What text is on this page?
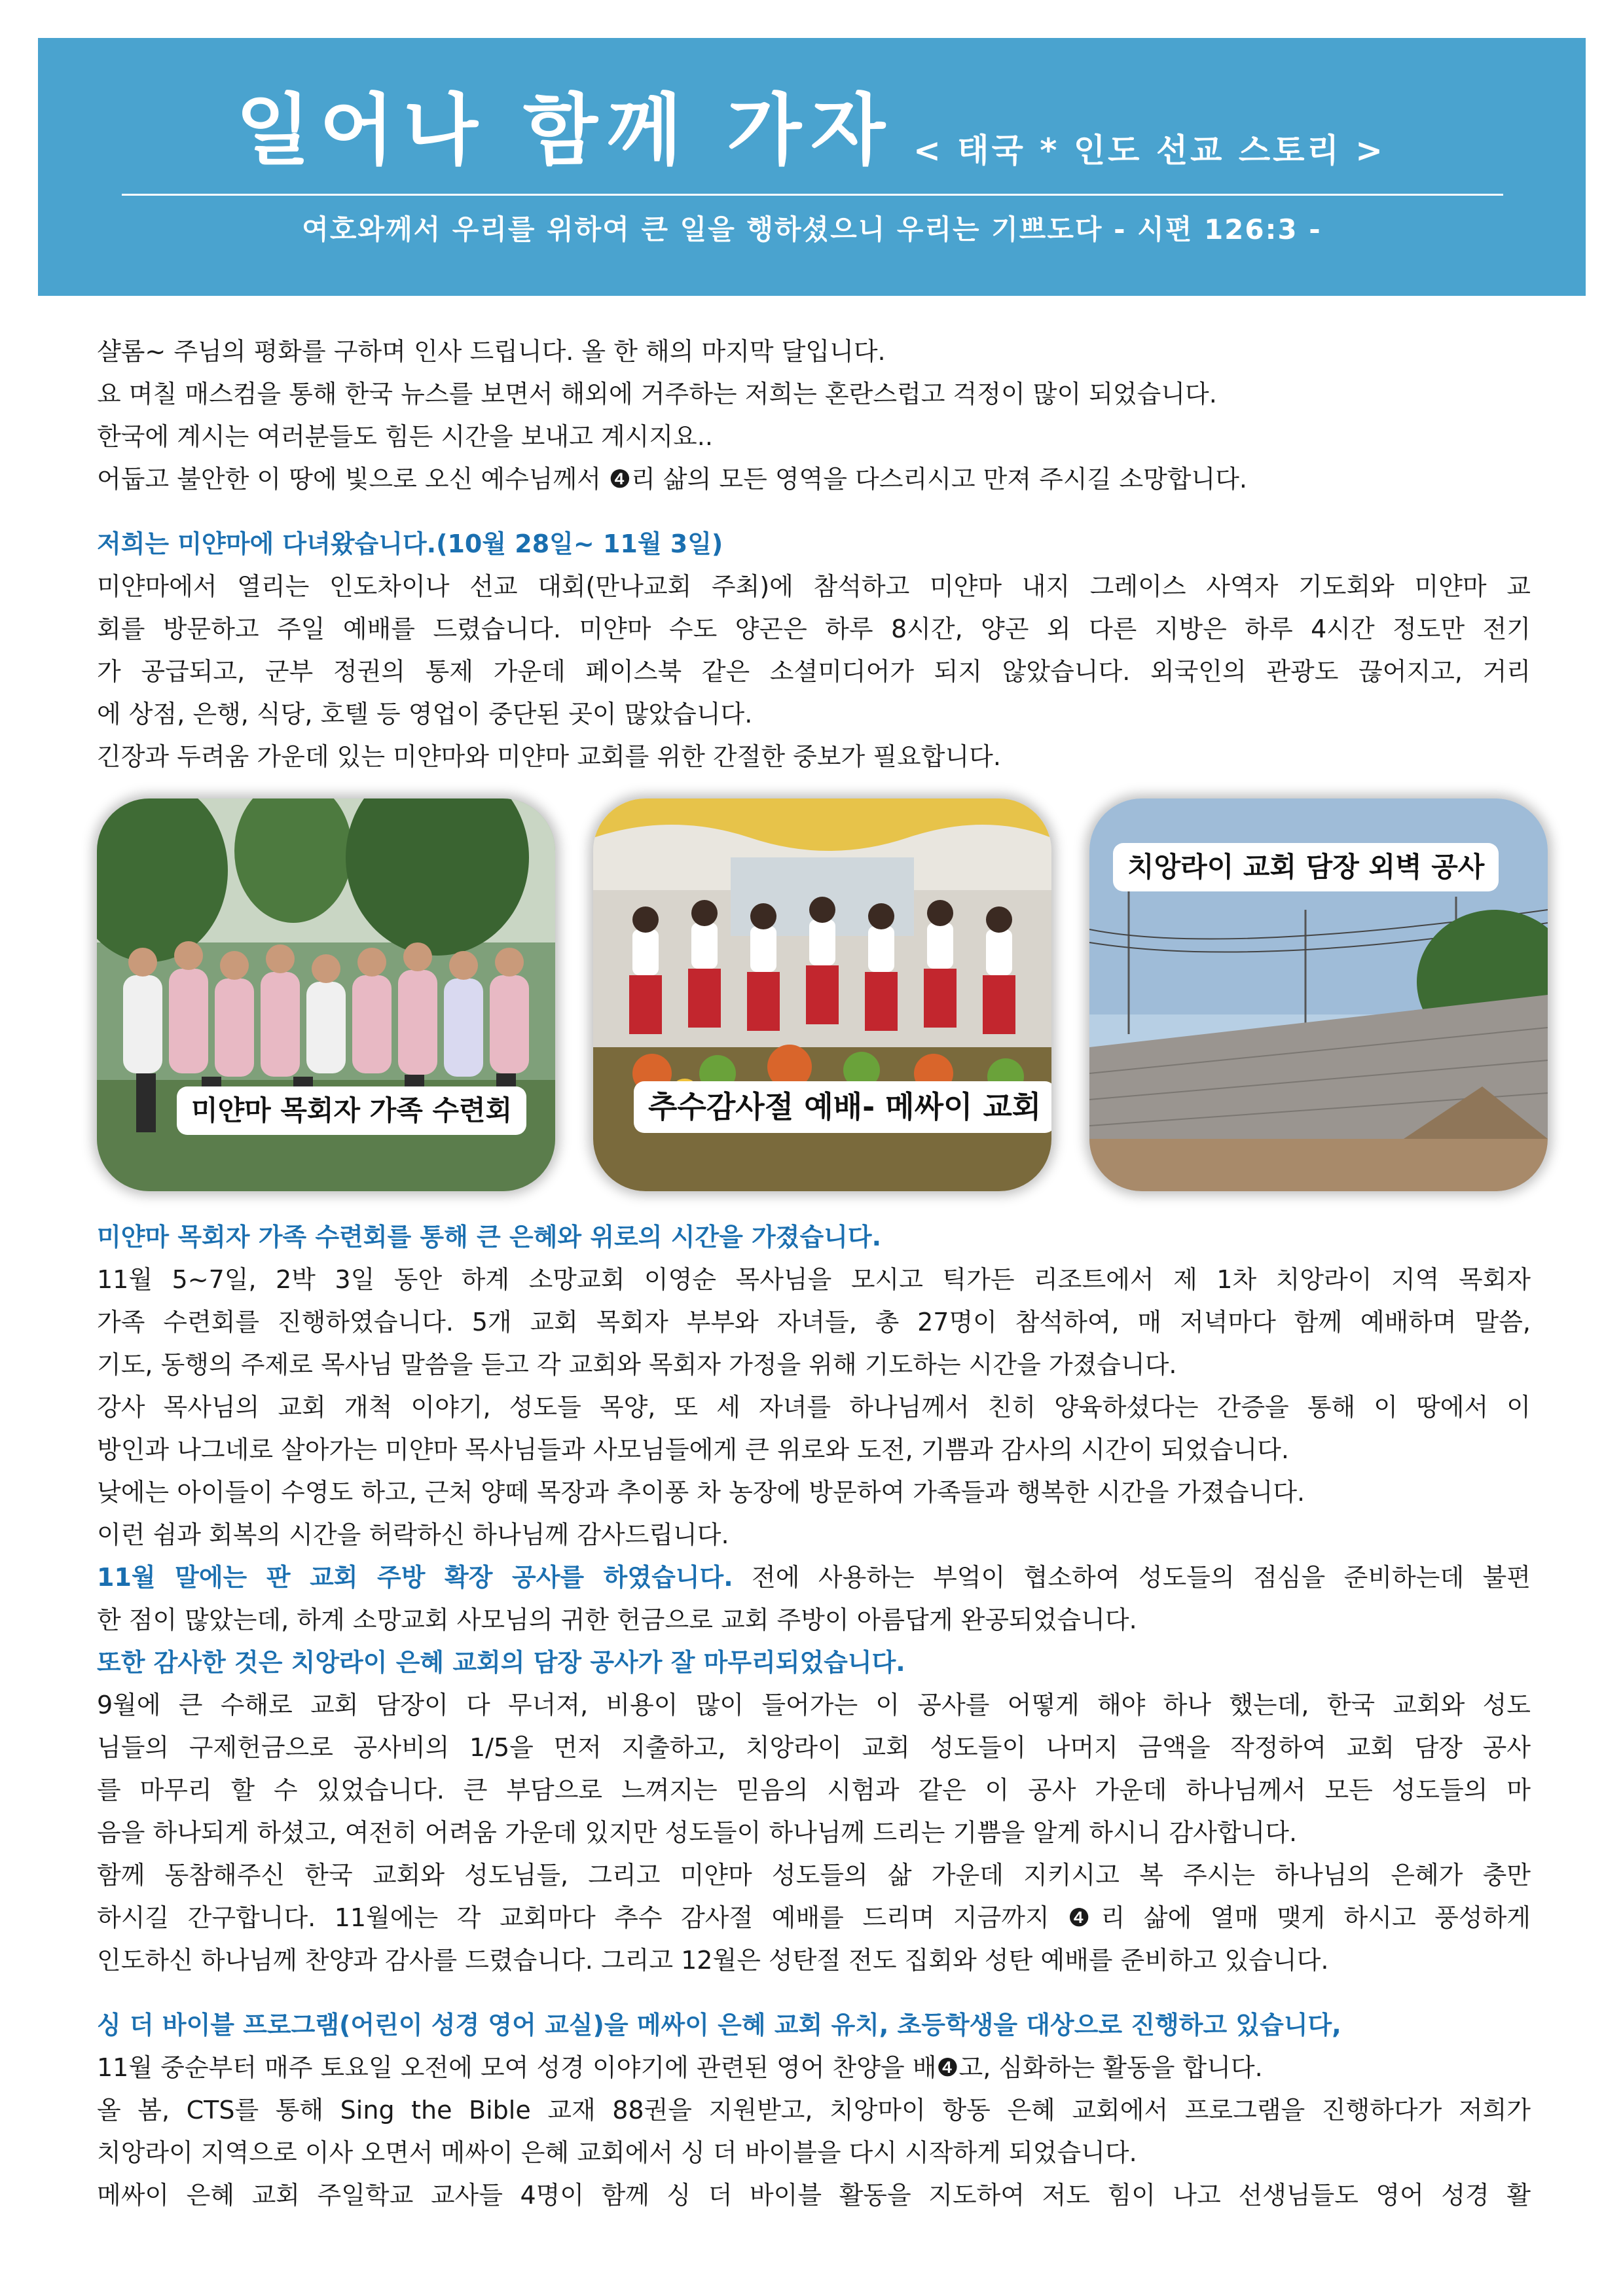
일어나 함께 가자 < 태국 * 인도 선교 스토리 >
여호와께서 우리를 위하여 큰 일을 행하셨으니 우리는 기쁘도다 - 시편 126:3 -
샬롬~ 주님의 평화를 구하며 인사 드립니다. 올 한 해의 마지막 달입니다.
요 며칠 매스컴을 통해 한국 뉴스를 보면서 해외에 거주하는 저희는 혼란스럽고 걱정이 많이 되었습니다.
한국에 계시는 여러분들도 힘든 시간을 보내고 계시지요..
어둡고 불안한 이 땅에 빛으로 오신 예수님께서 ❹리 삶의 모든 영역을 다스리시고 만져 주시길 소망합니다.
저희는 미얀마에 다녀왔습니다.(10월 28일~ 11월 3일)
미얀마에서 열리는 인도차이나 선교 대회(만나교회 주최)에 참석하고 미얀마 내지 그레이스 사역자 기도회와 미얀마 교
회를 방문하고 주일 예배를 드렸습니다. 미얀마 수도 양곤은 하루 8시간, 양곤 외 다른 지방은 하루 4시간 정도만 전기
가 공급되고, 군부 정권의 통제 가운데 페이스북 같은 소셜미디어가 되지 않았습니다. 외국인의 관광도 끊어지고, 거리
에 상점, 은행, 식당, 호텔 등 영업이 중단된 곳이 많았습니다.
긴장과 두려움 가운데 있는 미얀마와 미얀마 교회를 위한 간절한 중보가 필요합니다.
미얀마 목회자 가족 수련회	추수감사절 예배- 메싸이 교회
치앙라이 교회 담장 외벽 공사
미얀마 목회자 가족 수련회를 통해 큰 은혜와 위로의 시간을 가졌습니다.
11월 5~7일, 2박 3일 동안 하계 소망교회 이영순 목사님을 모시고 틱가든 리조트에서 제 1차 치앙라이 지역 목회자
가족 수련회를 진행하였습니다. 5개 교회 목회자 부부와 자녀들, 총 27명이 참석하여, 매 저녁마다 함께 예배하며 말씀,
기도, 동행의 주제로 목사님 말씀을 듣고 각 교회와 목회자 가정을 위해 기도하는 시간을 가졌습니다.
강사 목사님의 교회 개척 이야기, 성도들 목양, 또 세 자녀를 하나님께서 친히 양육하셨다는 간증을 통해 이 땅에서 이
방인과 나그네로 살아가는 미얀마 목사님들과 사모님들에게 큰 위로와 도전, 기쁨과 감사의 시간이 되었습니다.
낮에는 아이들이 수영도 하고, 근처 양떼 목장과 추이퐁 차 농장에 방문하여 가족들과 행복한 시간을 가졌습니다.
이런 쉼과 회복의 시간을 허락하신 하나님께 감사드립니다.
11월 말에는 판 교회 주방 확장 공사를 하였습니다. 전에 사용하는 부엌이 협소하여 성도들의 점심을 준비하는데 불편
한 점이 많았는데, 하계 소망교회 사모님의 귀한 헌금으로 교회 주방이 아름답게 완공되었습니다.
또한 감사한 것은 치앙라이 은혜 교회의 담장 공사가 잘 마무리되었습니다.
9월에 큰 수해로 교회 담장이 다 무너져, 비용이 많이 들어가는 이 공사를 어떻게 해야 하나 했는데, 한국 교회와 성도
님들의 구제헌금으로 공사비의 1/5을 먼저 지출하고, 치앙라이 교회 성도들이 나머지 금액을 작정하여 교회 담장 공사
를 마무리 할 수 있었습니다. 큰 부담으로 느껴지는 믿음의 시험과 같은 이 공사 가운데 하나님께서 모든 성도들의 마
음을 하나되게 하셨고, 여전히 어려움 가운데 있지만 성도들이 하나님께 드리는 기쁨을 알게 하시니 감사합니다.
함께 동참해주신 한국 교회와 성도님들, 그리고 미얀마 성도들의 삶 가운데 지키시고 복 주시는 하나님의 은혜가 충만
하시길 간구합니다. 11월에는 각 교회마다 추수 감사절 예배를 드리며 지금까지 ❹리 삶에 열매 맺게 하시고 풍성하게
인도하신 하나님께 찬양과 감사를 드렸습니다. 그리고 12월은 성탄절 전도 집회와 성탄 예배를 준비하고 있습니다.
싱 더 바이블 프로그램(어린이 성경 영어 교실)을 메싸이 은혜 교회 유치, 초등학생을 대상으로 진행하고 있습니다,
11월 중순부터 매주 토요일 오전에 모여 성경 이야기에 관련된 영어 찬양을 배❹고, 심화하는 활동을 합니다.
올 봄, CTS를 통해 Sing the Bible 교재 88권을 지원받고, 치앙마이 항동 은혜 교회에서 프로그램을 진행하다가 저희가
치앙라이 지역으로 이사 오면서 메싸이 은혜 교회에서 싱 더 바이블을 다시 시작하게 되었습니다.
메싸이 은혜 교회 주일학교 교사들 4명이 함께 싱 더 바이블 활동을 지도하여 저도 힘이 나고 선생님들도 영어 성경 활
